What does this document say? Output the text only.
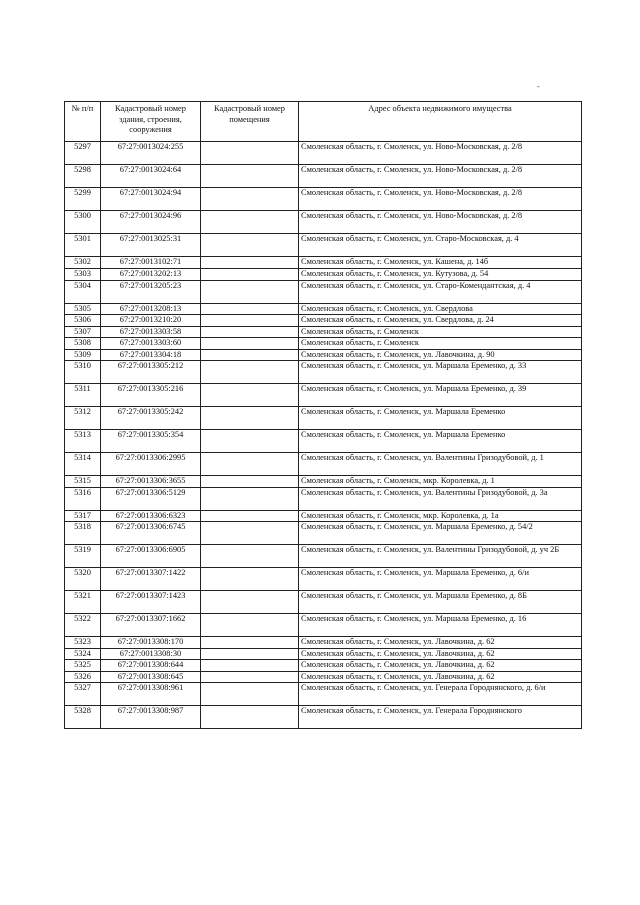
-
№ п/п	Кадастровый номер здания, строения, сооружения	Кадастровый номер помещения	Адрес объекта недвижимого имущества
5297	67:27:0013024:255		Смоленская область, г. Смоленск, ул. Ново-Московская, д. 2/8
5298	67:27:0013024:64		Смоленская область, г. Смоленск, ул. Ново-Московская, д. 2/8
5299	67:27:0013024:94		Смоленская область, г. Смоленск, ул. Ново-Московская, д. 2/8
5300	67:27:0013024:96		Смоленская область, г. Смоленск, ул. Ново-Московская, д. 2/8
5301	67:27:0013025:31		Смоленская область, г. Смоленск, ул. Старо-Московская, д. 4
5302	67:27:0013102:71		Смоленская область, г. Смоленск, ул. Кашена, д. 14б
5303	67:27:0013202:13		Смоленская область, г. Смоленск, ул. Кутузова, д. 54
5304	67:27:0013205:23		Смоленская область, г. Смоленск, ул. Старо-Комендантская, д. 4
5305	67:27:0013208:13		Смоленская область, г. Смоленск, ул. Свердлова
5306	67:27:0013210:20		Смоленская область, г. Смоленск, ул. Свердлова, д. 24
5307	67:27:0013303:58		Смоленская область, г. Смоленск
5308	67:27:0013303:60		Смоленская область, г. Смоленск
5309	67:27:0013304:18		Смоленская область, г. Смоленск, ул. Лавочкина, д. 90
5310	67:27:0013305:212		Смоленская область, г. Смоленск, ул. Маршала Еременко, д. 33
5311	67:27:0013305:216		Смоленская область, г. Смоленск, ул. Маршала Еременко, д. 39
5312	67:27:0013305:242		Смоленская область, г. Смоленск, ул. Маршала Еременко
5313	67:27:0013305:354		Смоленская область, г. Смоленск, ул. Маршала Еременко
5314	67:27:0013306:2995		Смоленская область, г. Смоленск, ул. Валентины Гризодубовой, д. 1
5315	67:27:0013306:3655		Смоленская область, г. Смоленск, мкр. Королевка, д. 1
5316	67:27:0013306:5129		Смоленская область, г. Смоленск, ул. Валентины Гризодубовой, д. 3а
5317	67:27:0013306:6323		Смоленская область, г. Смоленск, мкр. Королевка, д. 1а
5318	67:27:0013306:6745		Смоленская область, г. Смоленск, ул. Маршала Еременко, д. 54/2
5319	67:27:0013306:6905		Смоленская область, г. Смоленск, ул. Валентины Гризодубовой, д. уч 2Б
5320	67:27:0013307:1422		Смоленская область, г. Смоленск, ул. Маршала Еременко, д. 6/и
5321	67:27:0013307:1423		Смоленская область, г. Смоленск, ул. Маршала Еременко, д. 8Б
5322	67:27:0013307:1662		Смоленская область, г. Смоленск, ул. Маршала Еременко, д. 16
5323	67:27:0013308:170		Смоленская область, г. Смоленск, ул. Лавочкина, д. 62
5324	67:27:0013308:30		Смоленская область, г. Смоленск, ул. Лавочкина, д. 62
5325	67:27:0013308:644		Смоленская область, г. Смоленск, ул. Лавочкина, д. 62
5326	67:27:0013308:645		Смоленская область, г. Смоленск, ул. Лавочкина, д. 62
5327	67:27:0013308:961		Смоленская область, г. Смоленск, ул. Генерала Городнянского, д. 6/и
5328	67:27:0013308:987		Смоленская область, г. Смоленск, ул. Генерала Городнянского
